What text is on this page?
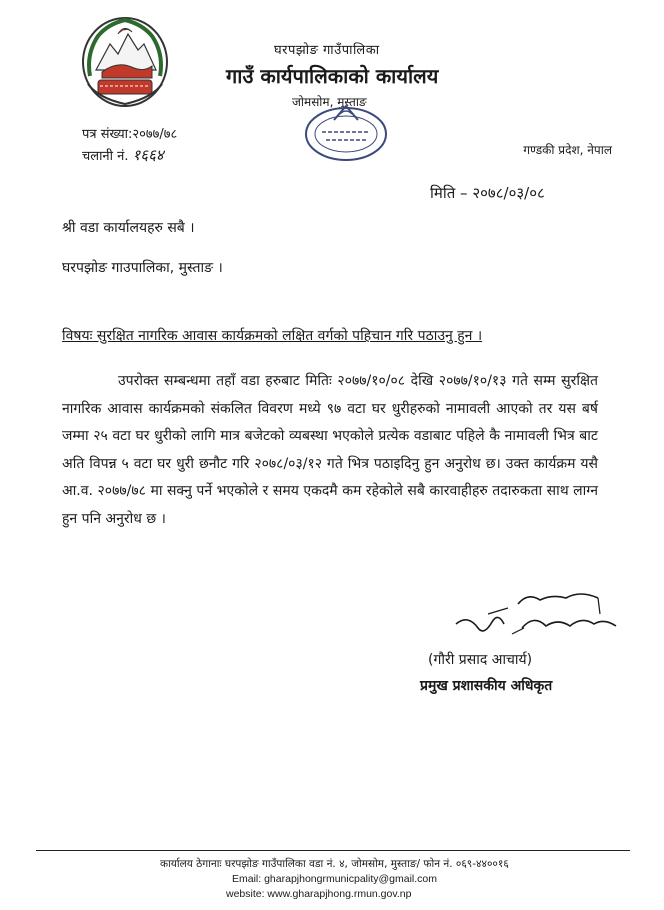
घरपझोङ गाउँपालिका
गाउँ कार्यपालिकाको कार्यालय
जोमसोम, मुस्ताङ
पत्र संख्या:२०७७/७८
चलानी नं. १६६४	गण्डकी प्रदेश, नेपाल
मिति – २०७८/०३/०८
श्री वडा कार्यालयहरु सबै ।
घरपझोङ गाउपालिका, मुस्ताङ ।
विषयः सुरक्षित नागरिक आवास कार्यक्रमको लक्षित वर्गको पहिचान गरि पठाउनु हुन ।

उपरोक्त सम्बन्धमा तहाँ वडा हरुबाट मितिः २०७७/१०/०८ देखि २०७७/१०/१३ गते सम्म सुरक्षित नागरिक आवास कार्यक्रमको संकलित विवरण मध्ये ९७ वटा घर धुरीहरुको नामावली आएको तर यस बर्ष जम्मा २५ वटा घर धुरीको लागि मात्र बजेटको व्यबस्था भएकोले प्रत्येक वडाबाट पहिले कै नामावली भित्र बाट अति विपन्न ५ वटा घर धुरी छनौट गरि २०७८/०३/१२ गते भित्र पठाइदिनु हुन अनुरोध छ। उक्त कार्यक्रम यसै आ.व. २०७७/७८ मा सक्नु पर्ने भएकोले र समय एकदमै कम रहेकोले सबै कारवाहीहरु तदारुकता साथ लाग्न हुन पनि अनुरोध छ ।

(गौरी प्रसाद आचार्य)
प्रमुख प्रशासकीय अधिकृत
कार्यालय ठेगानाः घरपझोङ गाउँपालिका वडा नं. ४, जोमसोम, मुस्ताङ/ फोन नं. ०६९-४४००१६
Email: gharapjhongrmunicpality@gmail.com
website: www.gharapjhong.rmun.gov.np
